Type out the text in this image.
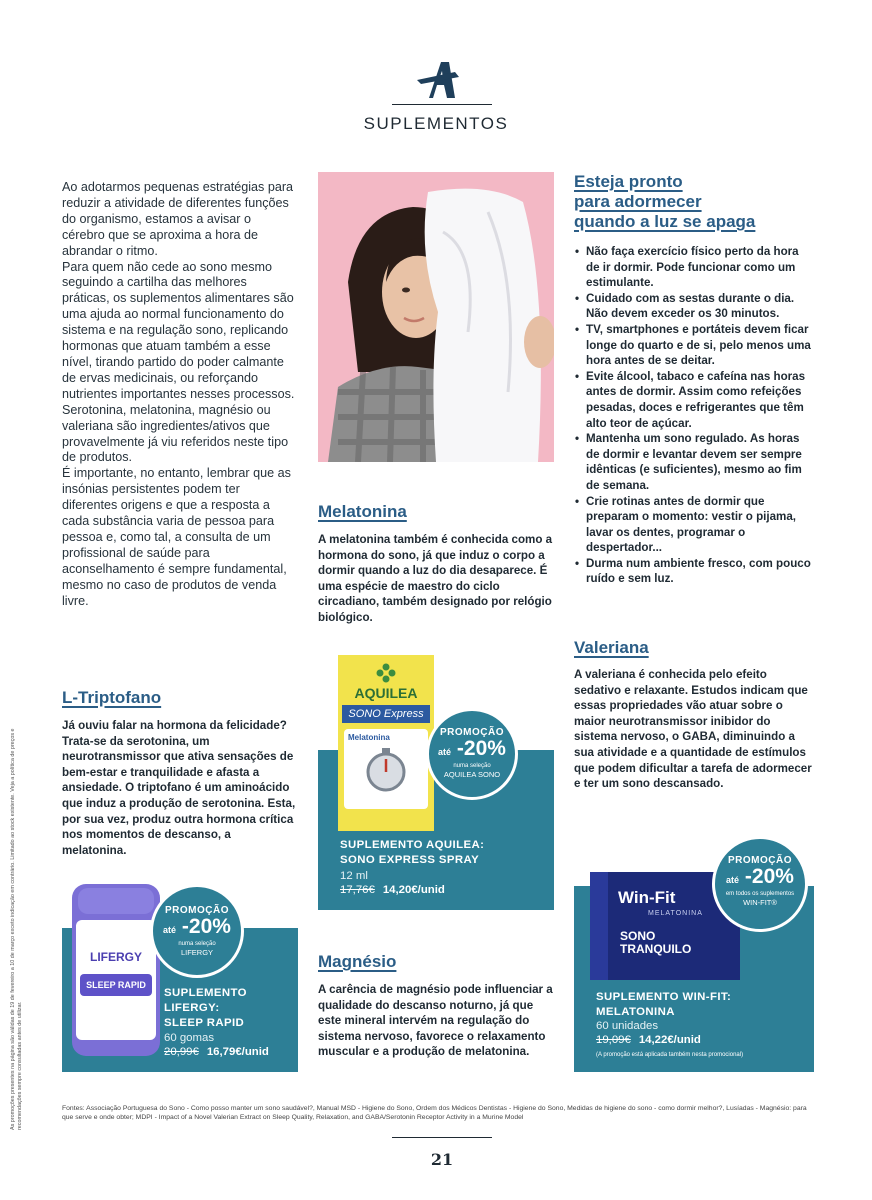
SUPLEMENTOS

Ao adotarmos pequenas estratégias para reduzir a atividade de diferentes funções do organismo, estamos a avisar o cérebro que se aproxima a hora de abrandar o ritmo.

Para quem não cede ao sono mesmo seguindo a cartilha das melhores práticas, os suplementos alimentares são uma ajuda ao normal funcionamento do sistema e na regulação sono, replicando hormonas que atuam também a esse nível, tirando partido do poder calmante de ervas medicinais, ou reforçando nutrientes importantes nesses processos. Serotonina, melatonina, magnésio ou valeriana são ingredientes/ativos que provavelmente já viu referidos neste tipo de produtos.

É importante, no entanto, lembrar que as insónias persistentes podem ter diferentes origens e que a resposta a cada substância varia de pessoa para pessoa e, como tal, a consulta de um profissional de saúde para aconselhamento é sempre fundamental, mesmo no caso de produtos de venda livre.

Esteja pronto
para adormecer
quando a luz se apaga
• Não faça exercício físico perto da hora de ir dormir. Pode funcionar como um estimulante.
• Cuidado com as sestas durante o dia. Não devem exceder os 30 minutos.
• TV, smartphones e portáteis devem ficar longe do quarto e de si, pelo menos uma hora antes de se deitar.
• Evite álcool, tabaco e cafeína nas horas antes de dormir. Assim como refeições pesadas, doces e refrigerantes que têm alto teor de açúcar.
• Mantenha um sono regulado. As horas de dormir e levantar devem ser sempre idênticas (e suficientes), mesmo ao fim de semana.
• Crie rotinas antes de dormir que preparam o momento: vestir o pijama, lavar os dentes, programar o despertador...
• Durma num ambiente fresco, com pouco ruído e sem luz.
Melatonina
A melatonina também é conhecida como a hormona do sono, já que induz o corpo a dormir quando a luz do dia desaparece. É uma espécie de maestro do ciclo circadiano, também designado por relógio biológico.
Valeriana
A valeriana é conhecida pelo efeito sedativo e relaxante. Estudos indicam que essas propriedades vão atuar sobre o maior neurotransmissor inibidor do sistema nervoso, o GABA, diminuindo a sua atividade e a quantidade de estímulos que podem dificultar a tarefa de adormecer e ter um sono descansado.
L-Triptofano
Já ouviu falar na hormona da felicidade? Trata-se da serotonina, um neurotransmissor que ativa sensações de bem-estar e tranquilidade e afasta a ansiedade. O triptofano é um aminoácido que induz a produção de serotonina. Esta, por sua vez, produz outra hormona crítica nos momentos de descanso, a melatonina.
Magnésio
A carência de magnésio pode influenciar a qualidade do descanso noturno, já que este mineral intervém na regulação do sistema nervoso, favorece o relaxamento muscular e a produção de melatonina.
SUPLEMENTO AQUILEA:
SONO EXPRESS SPRAY
12 ml
17,76€ 14,20€/unid
AQUILEA
SONO Express
Melatonina	PROMOÇÃO
até -20%
numa seleção
AQUILEA SONO
SUPLEMENTO
LIFERGY:
SLEEP RAPID
60 gomas
20,99€ 16,79€/unid
LIFERGY
SLEEP RAPID
PROMOÇÃO
até -20%
numa seleção
LIFERGY
SUPLEMENTO WIN-FIT:
MELATONINA
60 unidades
19,09€ 14,22€/unid
(A promoção está aplicada também nesta promocional)
Win-Fit
MELATONINA
SONO
TRANQUILO
PROMOÇÃO
até -20%
em todos os suplementos
WIN-FIT®
As promoções presentes na página são válidas de 19 de fevereiro a 10 de março exceto indicação em contrário. Limitado ao stock existente. Veja a política de preços e recomendações sempre consultadas antes de utilizar.	Fontes: Associação Portuguesa do Sono - Como posso manter um sono saudável?, Manual MSD - Higiene do Sono, Ordem dos Médicos Dentistas - Higiene do Sono, Medidas de higiene do sono - como dormir melhor?, Lusíadas - Magnésio: para que serve e onde obter; MDPI - Impact of a Novel Valerian Extract on Sleep Quality, Relaxation, and GABA/Serotonin Receptor Activity in a Murine Model
21
